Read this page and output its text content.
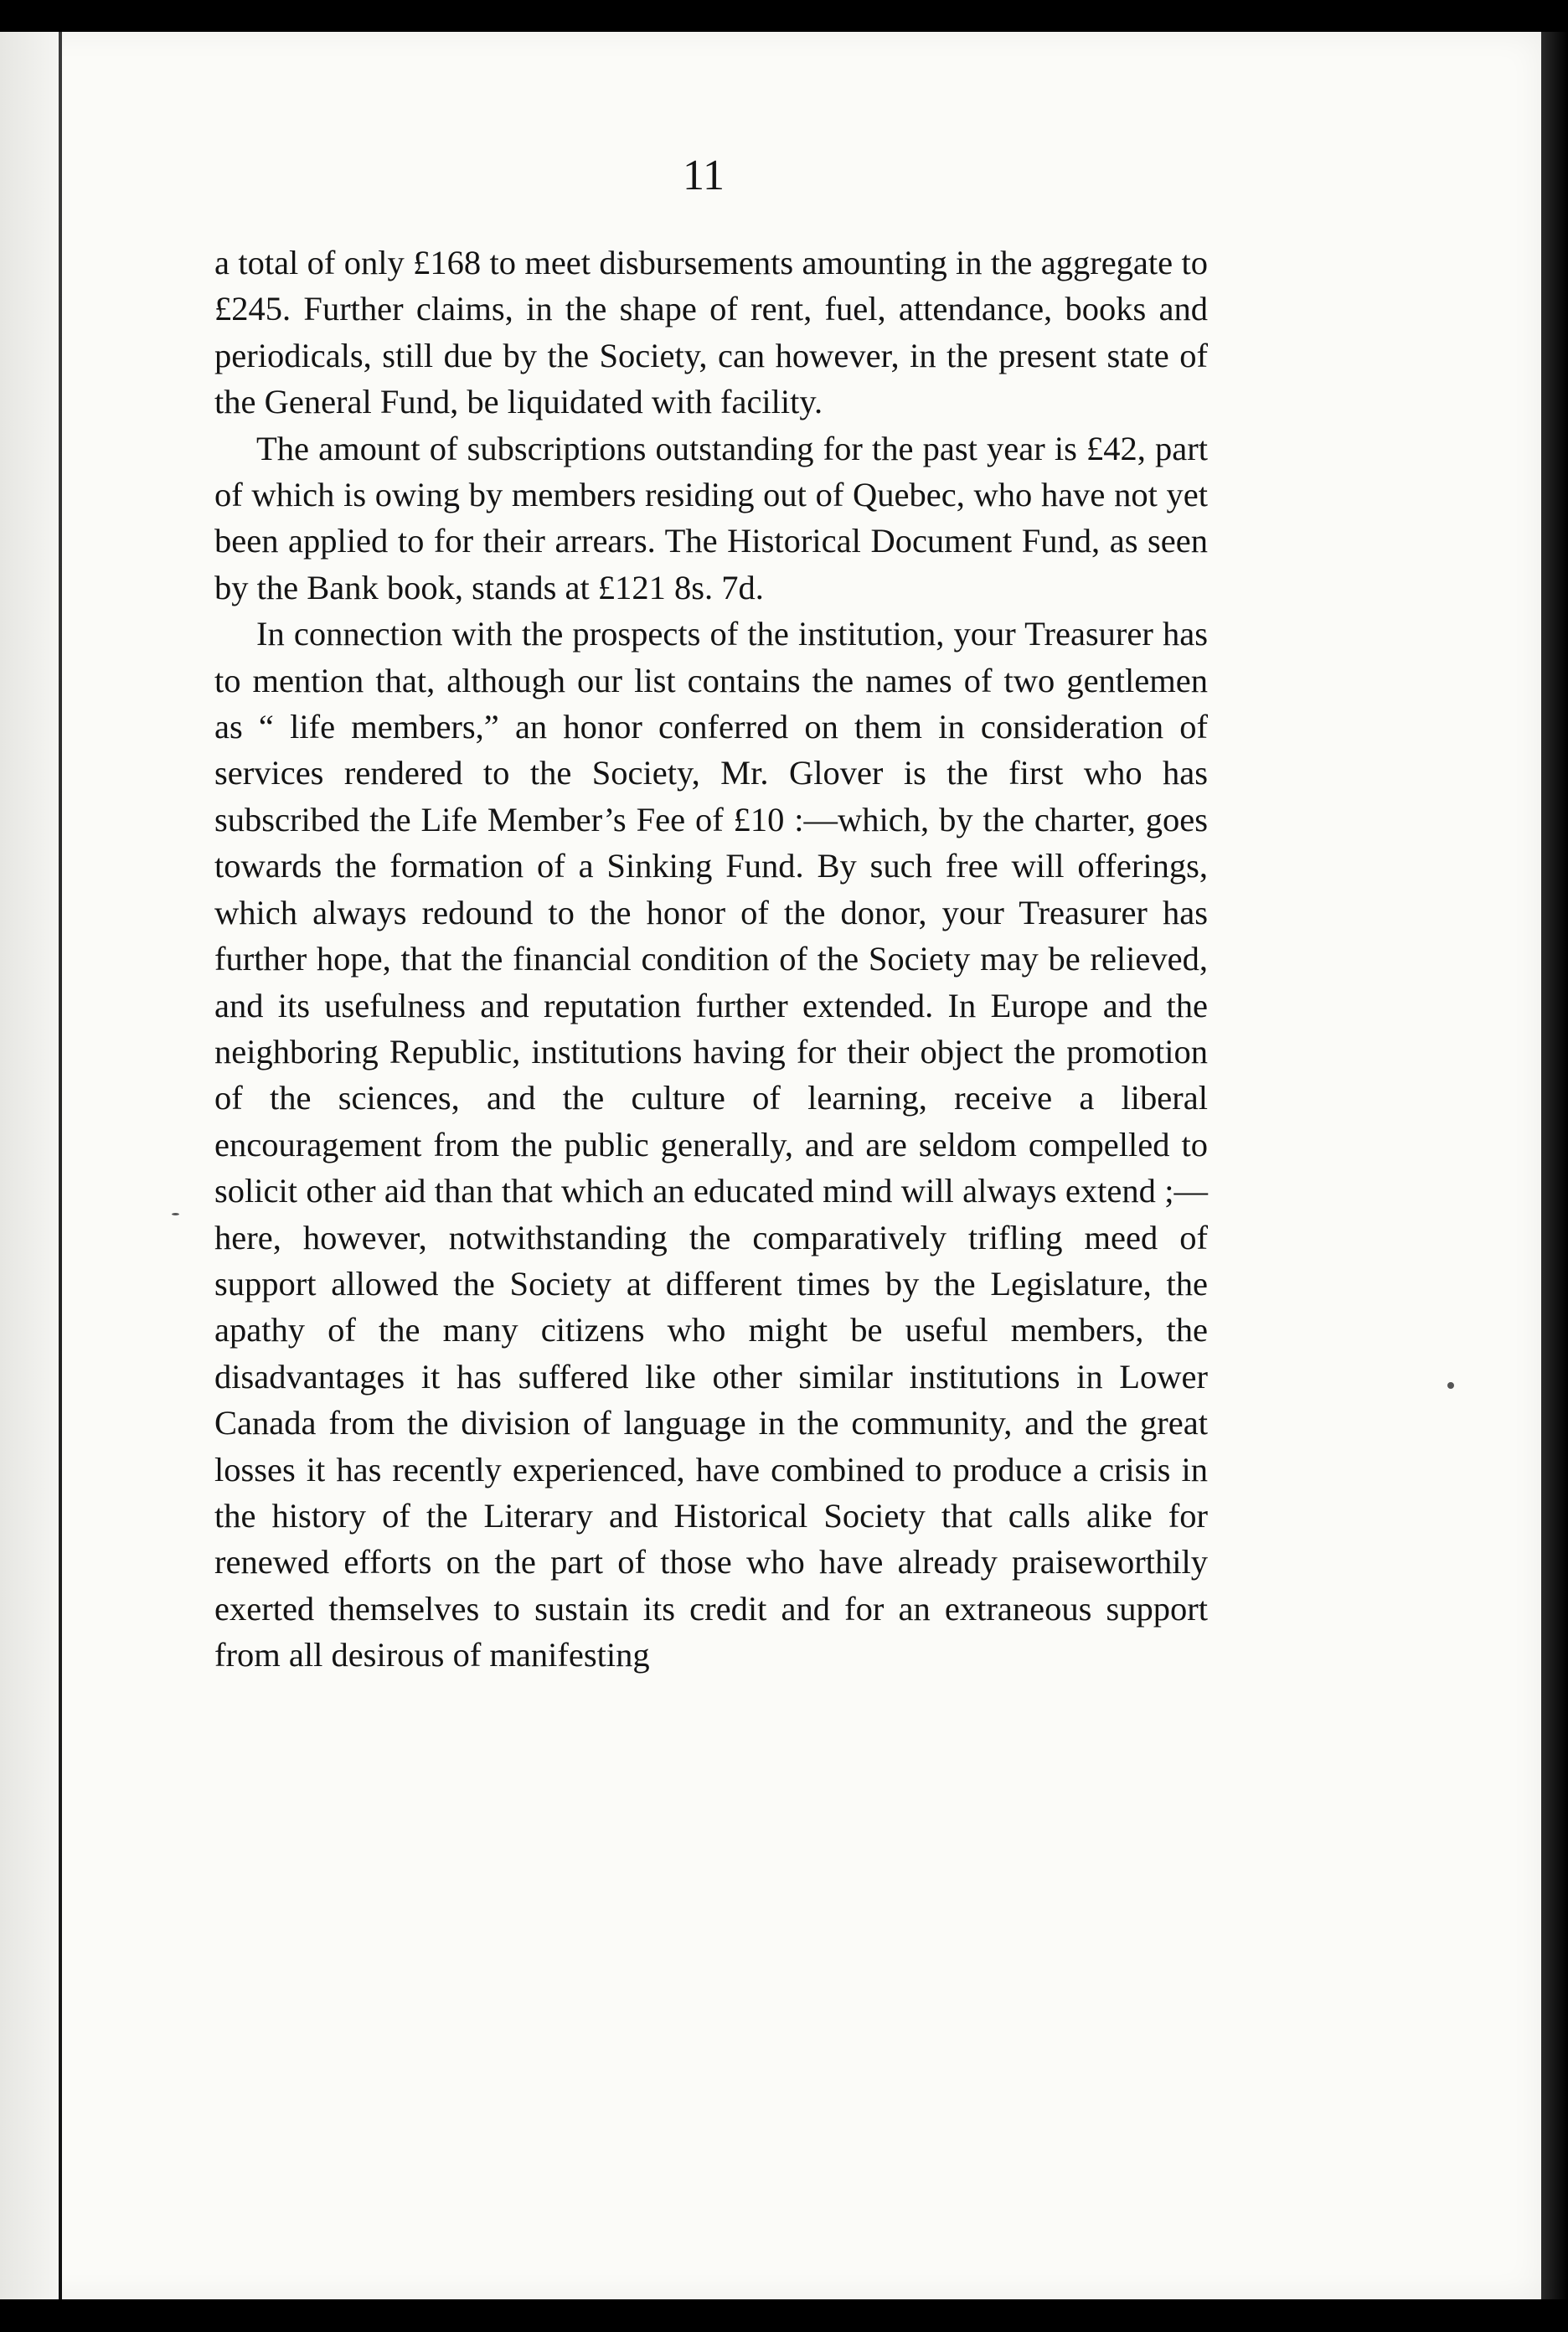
11

a total of only £168 to meet disbursements amounting in the aggregate to £245. Further claims, in the shape of rent, fuel, attendance, books and periodicals, still due by the Society, can however, in the present state of the General Fund, be liquidated with facility.

The amount of subscriptions outstanding for the past year is £42, part of which is owing by members residing out of Quebec, who have not yet been applied to for their arrears. The Historical Document Fund, as seen by the Bank book, stands at £121 8s. 7d.

In connection with the prospects of the institution, your Treasurer has to mention that, although our list contains the names of two gentlemen as “ life members,” an honor conferred on them in consideration of services rendered to the Society, Mr. Glover is the first who has subscribed the Life Member’s Fee of £10 :—which, by the charter, goes towards the formation of a Sinking Fund. By such free will offerings, which always redound to the honor of the donor, your Treasurer has further hope, that the financial condition of the Society may be relieved, and its usefulness and reputation further extended. In Europe and the neighboring Republic, institutions having for their object the promotion of the sciences, and the culture of learning, receive a liberal encouragement from the public generally, and are seldom compelled to solicit other aid than that which an educated mind will always extend ;—here, however, notwithstanding the comparatively trifling meed of support allowed the Society at different times by the Legislature, the apathy of the many citizens who might be useful members, the disadvantages it has suffered like other similar institutions in Lower Canada from the division of language in the community, and the great losses it has recently experienced, have combined to produce a crisis in the history of the Literary and Historical Society that calls alike for renewed efforts on the part of those who have already praiseworthily exerted themselves to sustain its credit and for an extraneous support from all desirous of manifesting
